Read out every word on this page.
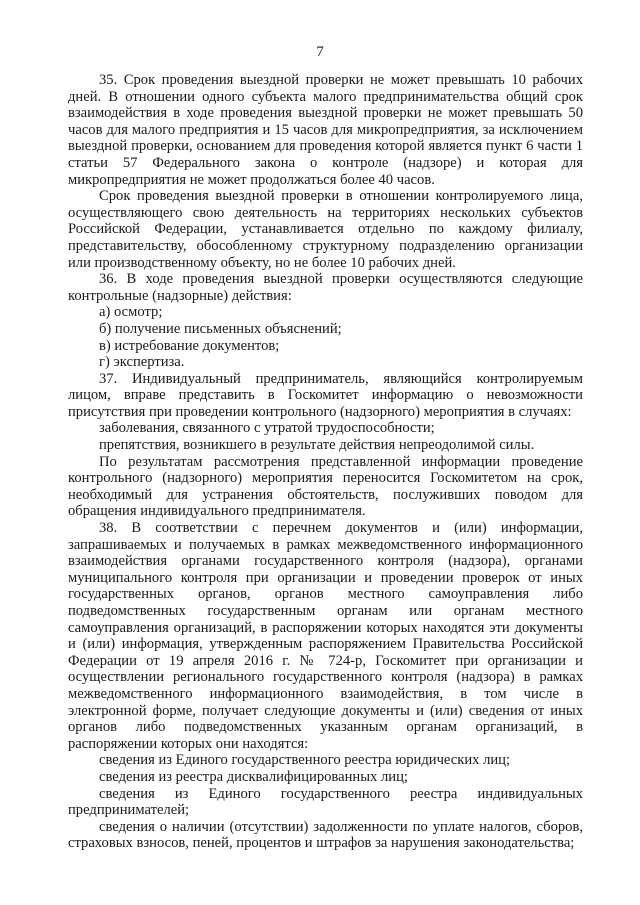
7

35. Срок проведения выездной проверки не может превышать 10 рабочих дней. В отношении одного субъекта малого предпринимательства общий срок взаимодействия в ходе проведения выездной проверки не может превышать 50 часов для малого предприятия и 15 часов для микропредприятия, за исключением выездной проверки, основанием для проведения которой является пункт 6 части 1 статьи 57 Федерального закона о контроле (надзоре) и которая для микропредприятия не может продолжаться более 40 часов.

Срок проведения выездной проверки в отношении контролируемого лица, осуществляющего свою деятельность на территориях нескольких субъектов Российской Федерации, устанавливается отдельно по каждому филиалу, представительству, обособленному структурному подразделению организации или производственному объекту, но не более 10 рабочих дней.

36. В ходе проведения выездной проверки осуществляются следующие контрольные (надзорные) действия:

а) осмотр;

б) получение письменных объяснений;

в) истребование документов;

г) экспертиза.

37. Индивидуальный предприниматель, являющийся контролируемым лицом, вправе представить в Госкомитет информацию о невозможности присутствия при проведении контрольного (надзорного) мероприятия в случаях:

заболевания, связанного с утратой трудоспособности;

препятствия, возникшего в результате действия непреодолимой силы.

По результатам рассмотрения представленной информации проведение контрольного (надзорного) мероприятия переносится Госкомитетом на срок, необходимый для устранения обстоятельств, послуживших поводом для обращения индивидуального предпринимателя.

38. В соответствии с перечнем документов и (или) информации, запрашиваемых и получаемых в рамках межведомственного информационного взаимодействия органами государственного контроля (надзора), органами муниципального контроля при организации и проведении проверок от иных государственных органов, органов местного самоуправления либо подведомственных государственным органам или органам местного самоуправления организаций, в распоряжении которых находятся эти документы и (или) информация, утвержденным распоряжением Правительства Российской Федерации от 19 апреля 2016 г. № 724-р, Госкомитет при организации и осуществлении регионального государственного контроля (надзора) в рамках межведомственного информационного взаимодействия, в том числе в электронной форме, получает следующие документы и (или) сведения от иных органов либо подведомственных указанным органам организаций, в распоряжении которых они находятся:

сведения из Единого государственного реестра юридических лиц;

сведения из реестра дисквалифицированных лиц;

сведения из Единого государственного реестра индивидуальных предпринимателей;

сведения о наличии (отсутствии) задолженности по уплате налогов, сборов, страховых взносов, пеней, процентов и штрафов за нарушения законодательства;
